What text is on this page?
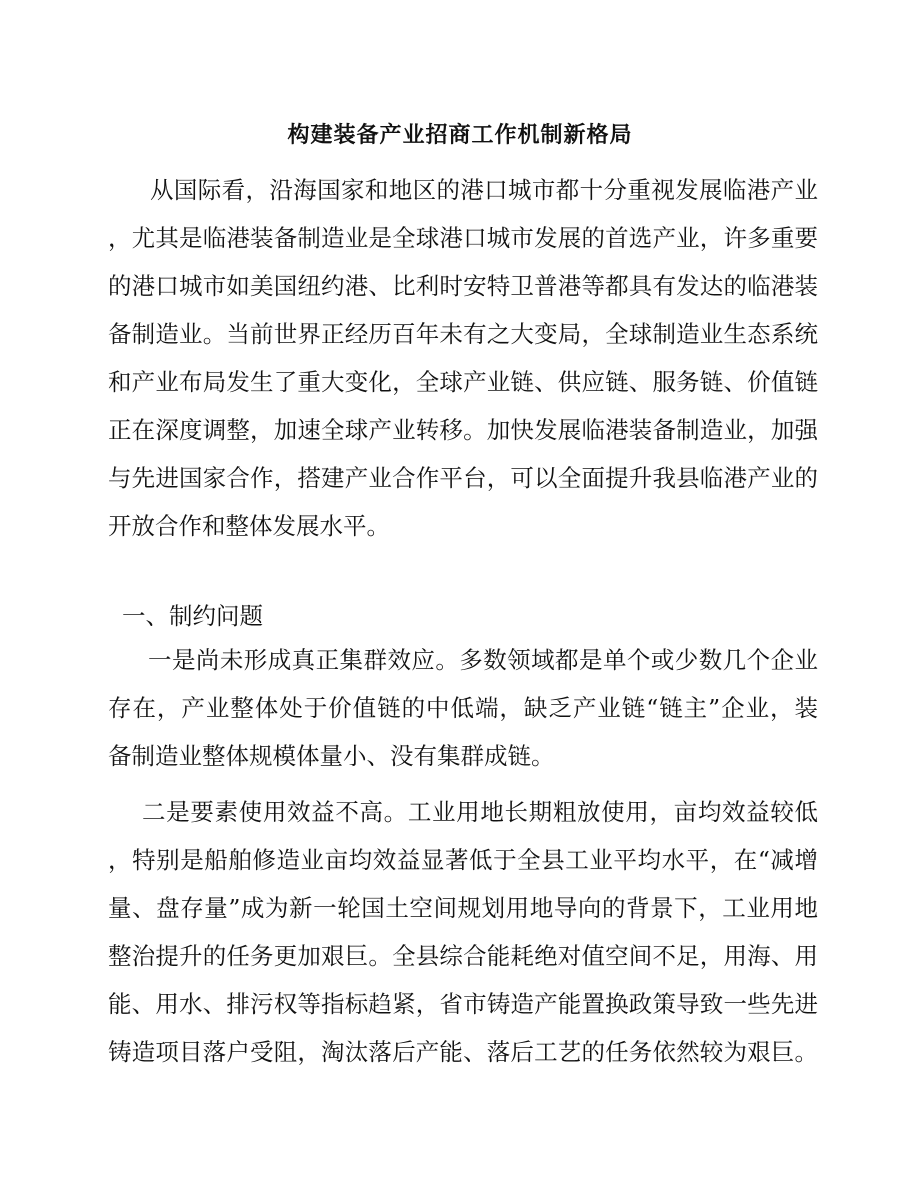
构建装备产业招商工作机制新格局
从国际看，沿海国家和地区的港口城市都十分重视发展临港产业
，尤其是临港装备制造业是全球港口城市发展的首选产业，许多重要
的港口城市如美国纽约港、比利时安特卫普港等都具有发达的临港装
备制造业。当前世界正经历百年未有之大变局，全球制造业生态系统
和产业布局发生了重大变化，全球产业链、供应链、服务链、价值链
正在深度调整，加速全球产业转移。加快发展临港装备制造业，加强
与先进国家合作，搭建产业合作平台，可以全面提升我县临港产业的
开放合作和整体发展水平。
一、制约问题
一是尚未形成真正集群效应。多数领域都是单个或少数几个企业
存在，产业整体处于价值链的中低端，缺乏产业链“链主”企业，装
备制造业整体规模体量小、没有集群成链。
二是要素使用效益不高。工业用地长期粗放使用，亩均效益较低
，特别是船舶修造业亩均效益显著低于全县工业平均水平，在“减增
量、盘存量”成为新一轮国土空间规划用地导向的背景下，工业用地
整治提升的任务更加艰巨。全县综合能耗绝对值空间不足，用海、用
能、用水、排污权等指标趋紧，省市铸造产能置换政策导致一些先进
铸造项目落户受阻，淘汰落后产能、落后工艺的任务依然较为艰巨。
